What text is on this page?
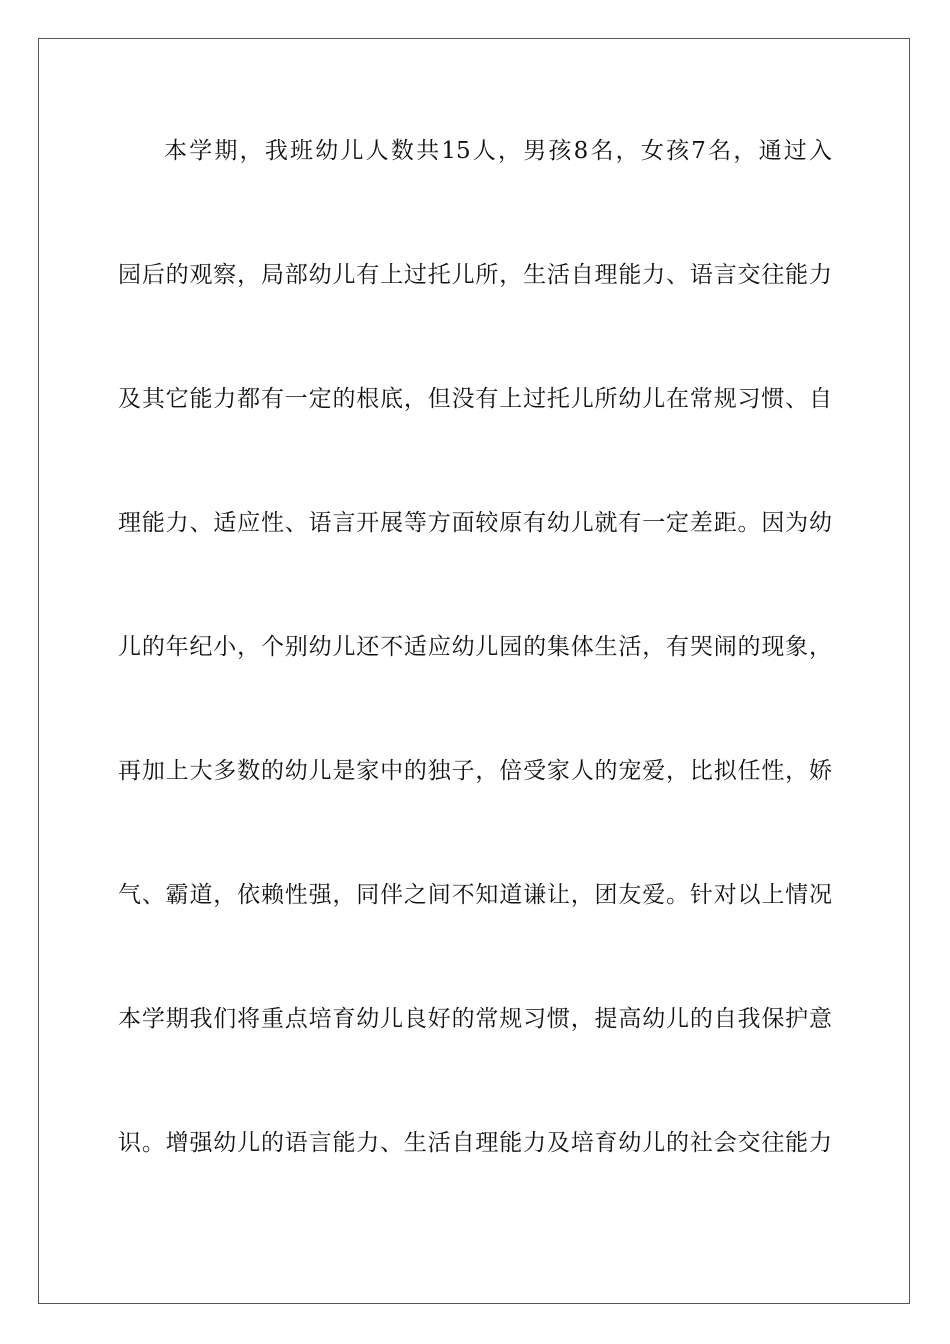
本学期，我班幼儿人数共15人，男孩8名，女孩7名，通过入
园后的观察，局部幼儿有上过托儿所，生活自理能力、语言交往能力
及其它能力都有一定的根底，但没有上过托儿所幼儿在常规习惯、自
理能力、适应性、语言开展等方面较原有幼儿就有一定差距。因为幼
儿的年纪小，个别幼儿还不适应幼儿园的集体生活，有哭闹的现象，
再加上大多数的幼儿是家中的独子，倍受家人的宠爱，比拟任性，娇
气、霸道，依赖性强，同伴之间不知道谦让，团友爱。针对以上情况
本学期我们将重点培育幼儿良好的常规习惯，提高幼儿的自我保护意
识。增强幼儿的语言能力、生活自理能力及培育幼儿的社会交往能力
